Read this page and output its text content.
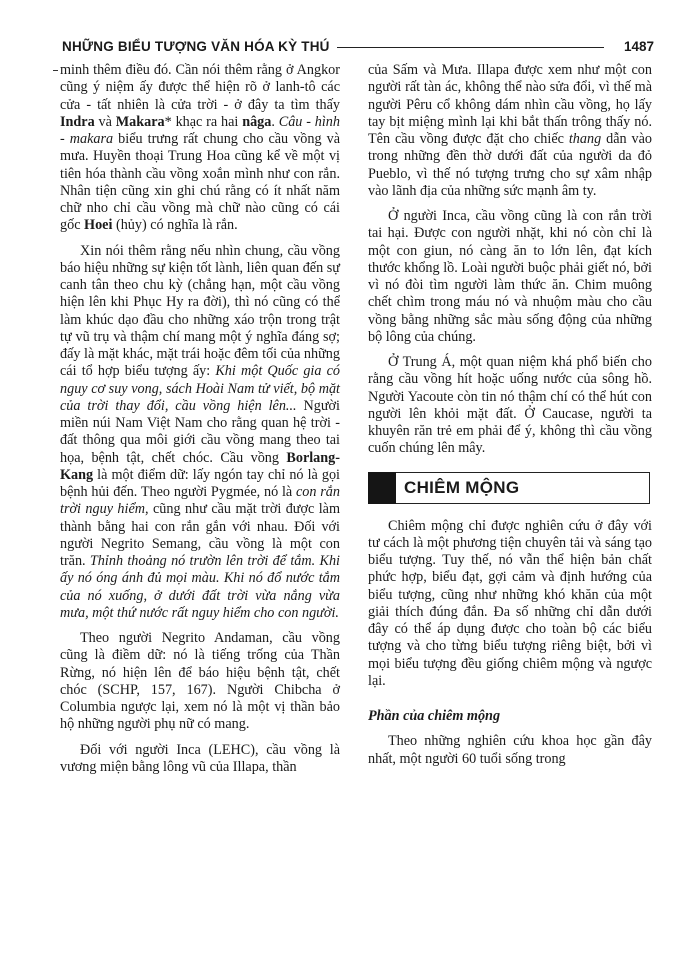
NHỮNG BIỂU TƯỢNG VĂN HÓA KỲ THÚ	1487

minh thêm điều đó. Cần nói thêm rằng ở Angkor cũng ý niệm ấy được thể hiện rõ ở lanh-tô các cửa - tất nhiên là cửa trời - ở đây ta tìm thấy Indra và Makara* khạc ra hai nâga. Câu - hình - makara biểu trưng rất chung cho cầu vồng và mưa. Huyền thoại Trung Hoa cũng kể về một vị tiên hóa thành cầu vồng xoắn mình như con rắn. Nhân tiện cũng xin ghi chú rằng có ít nhất năm chữ nho chỉ cầu vồng mà chữ nào cũng có cái gốc Hoei (hủy) có nghĩa là rắn.

Xin nói thêm rằng nếu nhìn chung, cầu vồng báo hiệu những sự kiện tốt lành, liên quan đến sự canh tân theo chu kỳ (chẳng hạn, một cầu vồng hiện lên khi Phục Hy ra đời), thì nó cũng có thể làm khúc dạo đầu cho những xáo trộn trong trật tự vũ trụ và thậm chí mang một ý nghĩa đáng sợ; đấy là mặt khác, mặt trái hoặc đêm tối của những cái tổ hợp biểu tượng ấy: Khi một Quốc gia có nguy cơ suy vong, sách Hoài Nam tử viết, bộ mặt của trời thay đổi, cầu vồng hiện lên... Người miền núi Nam Việt Nam cho rằng quan hệ trời - đất thông qua môi giới cầu vồng mang theo tai họa, bệnh tật, chết chóc. Cầu vồng Borlang-Kang là một điểm dữ: lấy ngón tay chỉ nó là gọi bệnh hủi đến. Theo người Pygmée, nó là con rắn trời nguy hiểm, cũng như cầu mặt trời được làm thành bằng hai con rắn gắn với nhau. Đối với người Negrito Semang, cầu vồng là một con trăn. Thỉnh thoảng nó trườn lên trời để tắm. Khi ấy nó óng ánh đủ mọi màu. Khi nó đổ nước tắm của nó xuống, ở dưới đất trời vừa nắng vừa mưa, một thứ nước rất nguy hiểm cho con người.

Theo người Negrito Andaman, cầu vồng cũng là điềm dữ: nó là tiếng trống của Thần Rừng, nó hiện lên để báo hiệu bệnh tật, chết chóc (SCHP, 157, 167). Người Chibcha ở Columbia ngược lại, xem nó là một vị thần bảo hộ những người phụ nữ có mang.

Đối với người Inca (LEHC), cầu vồng là vương miện bằng lông vũ của Illapa, thần

của Sấm và Mưa. Illapa được xem như một con người rất tàn ác, không thể nào sửa đổi, vì thế mà người Pêru cổ không dám nhìn cầu vồng, họ lấy tay bịt miệng mình lại khi bắt thấn trông thấy nó. Tên cầu vồng được đặt cho chiếc thang dẫn vào trong những đền thờ dưới đất của người da đỏ Pueblo, vì thế nó tượng trưng cho sự xâm nhập vào lãnh địa của những sức mạnh âm ty.

Ở người Inca, cầu vồng cũng là con rắn trời tai hại. Được con người nhặt, khi nó còn chỉ là một con giun, nó càng ăn to lớn lên, đạt kích thước khổng lồ. Loài người buộc phải giết nó, bởi vì nó đòi tìm người làm thức ăn. Chim muông chết chìm trong máu nó và nhuộm màu cho cầu vồng bằng những sắc màu sống động của những bộ lông của chúng.

Ở Trung Á, một quan niệm khá phổ biến cho rằng cầu vồng hít hoặc uống nước của sông hồ. Người Yacoute còn tin nó thậm chí có thể hút con người lên khỏi mặt đất. Ở Caucase, người ta khuyên răn trẻ em phải để ý, không thì cầu vồng cuốn chúng lên mây.

CHIÊM MỘNG

Chiêm mộng chỉ được nghiên cứu ở đây với tư cách là một phương tiện chuyên tải và sáng tạo biểu tượng. Tuy thế, nó vẫn thể hiện bản chất phức hợp, biểu đạt, gợi cảm và định hướng của biểu tượng, cũng như những khó khăn của một giải thích đúng đắn. Đa số những chỉ dẫn dưới đây có thể áp dụng được cho toàn bộ các biểu tượng và cho từng biểu tượng riêng biệt, bởi vì mọi biểu tượng đều giống chiêm mộng và ngược lại.

Phần của chiêm mộng

Theo những nghiên cứu khoa học gần đây nhất, một người 60 tuổi sống trong
